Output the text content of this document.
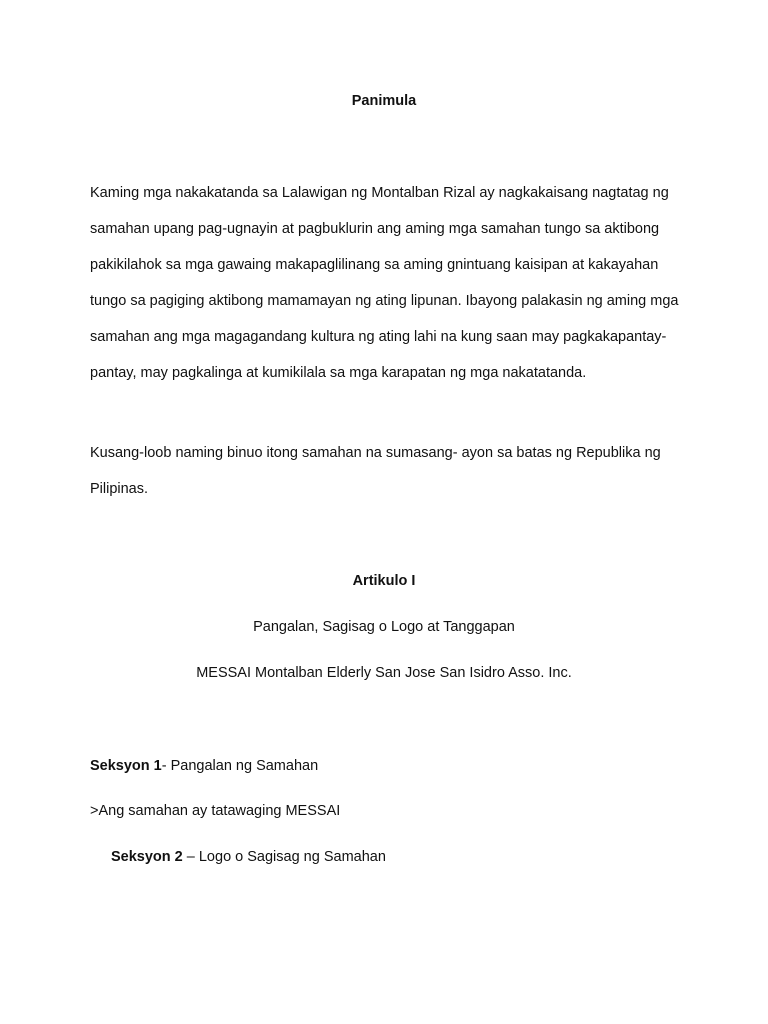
Panimula

Kaming mga nakakatanda sa Lalawigan ng Montalban Rizal ay nagkakaisang nagtatag ng samahan upang pag-ugnayin at pagbuklurin ang aming mga samahan tungo sa aktibong pakikilahok sa mga gawaing makapaglilinang sa aming gnintuang kaisipan at kakayahan tungo sa pagiging aktibong mamamayan ng ating lipunan. Ibayong palakasin ng aming mga samahan ang mga magagandang kultura ng ating lahi na kung saan may pagkakapantay-pantay, may pagkalinga at kumikilala sa mga karapatan ng mga nakatatanda.

Kusang-loob naming binuo itong samahan na sumasang- ayon sa batas ng Republika ng Pilipinas.

Artikulo I

Pangalan, Sagisag o Logo at Tanggapan

MESSAI Montalban Elderly San Jose San Isidro Asso. Inc.

Seksyon 1- Pangalan ng Samahan

>Ang samahan ay tatawaging MESSAI

Seksyon 2 – Logo o Sagisag ng Samahan
